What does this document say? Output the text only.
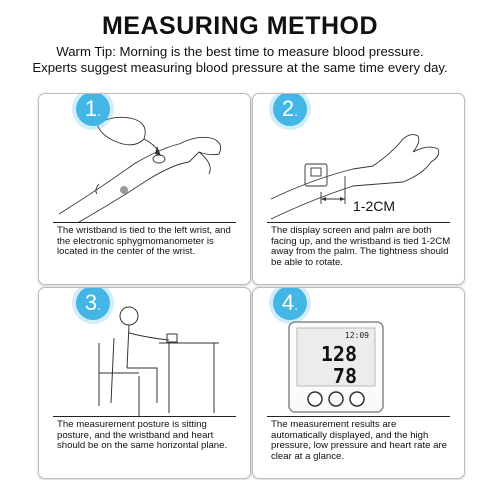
MEASURING METHOD
Warm Tip: Morning is the best time to measure blood pressure.
Experts suggest measuring blood pressure at the same time every day.
1.
The wristband is tied to the left wrist, and the electronic sphygmomanometer is located in the center of the wrist.
1-2CM
2.
The display screen and palm are both facing up, and the wristband is tied 1-2CM away from the palm. The tightness should be able to rotate.
3.
The measurement posture is sitting posture, and the wristband and heart should be on the same horizontal plane.
12:09
128
78
4.
The measurement results are automatically displayed, and the high pressure, low pressure and heart rate are clear at a glance.
